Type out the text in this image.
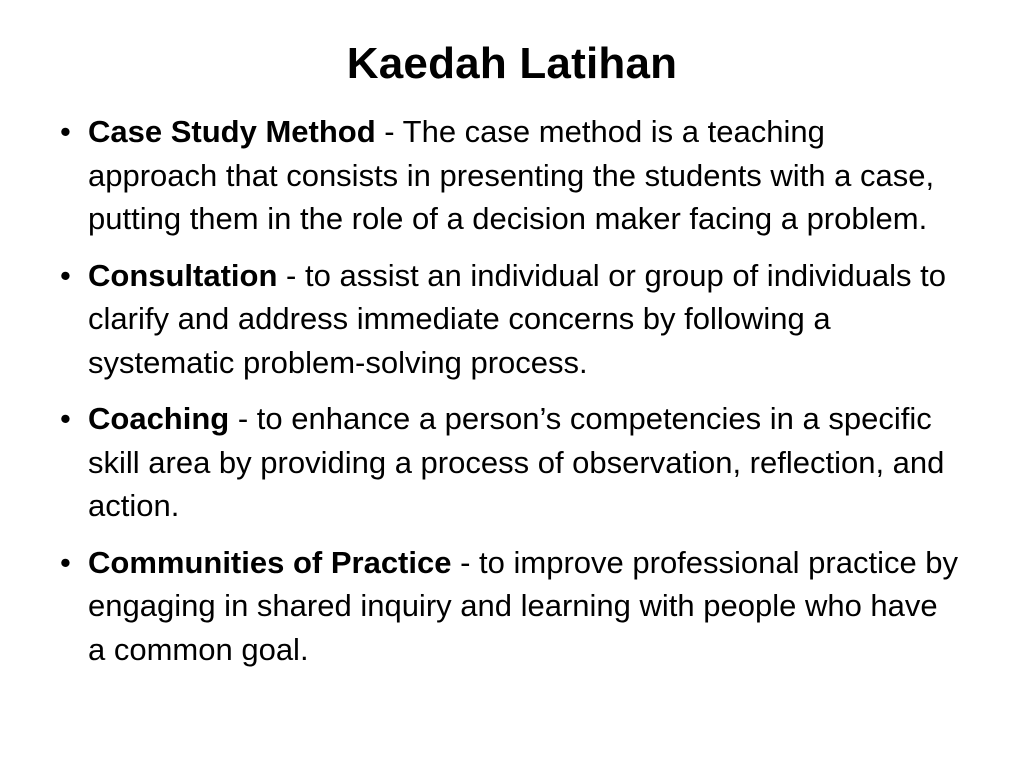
Kaedah Latihan
• Case Study Method - The case method is a teaching approach that consists in presenting the students with a case, putting them in the role of a decision maker facing a problem.
• Consultation - to assist an individual or group of individuals to clarify and address immediate concerns by following a systematic problem-solving process.
• Coaching - to enhance a person’s competencies in a specific skill area by providing a process of observation, reflection, and action.
• Communities of Practice - to improve professional practice by engaging in shared inquiry and learning with people who have a common goal.
